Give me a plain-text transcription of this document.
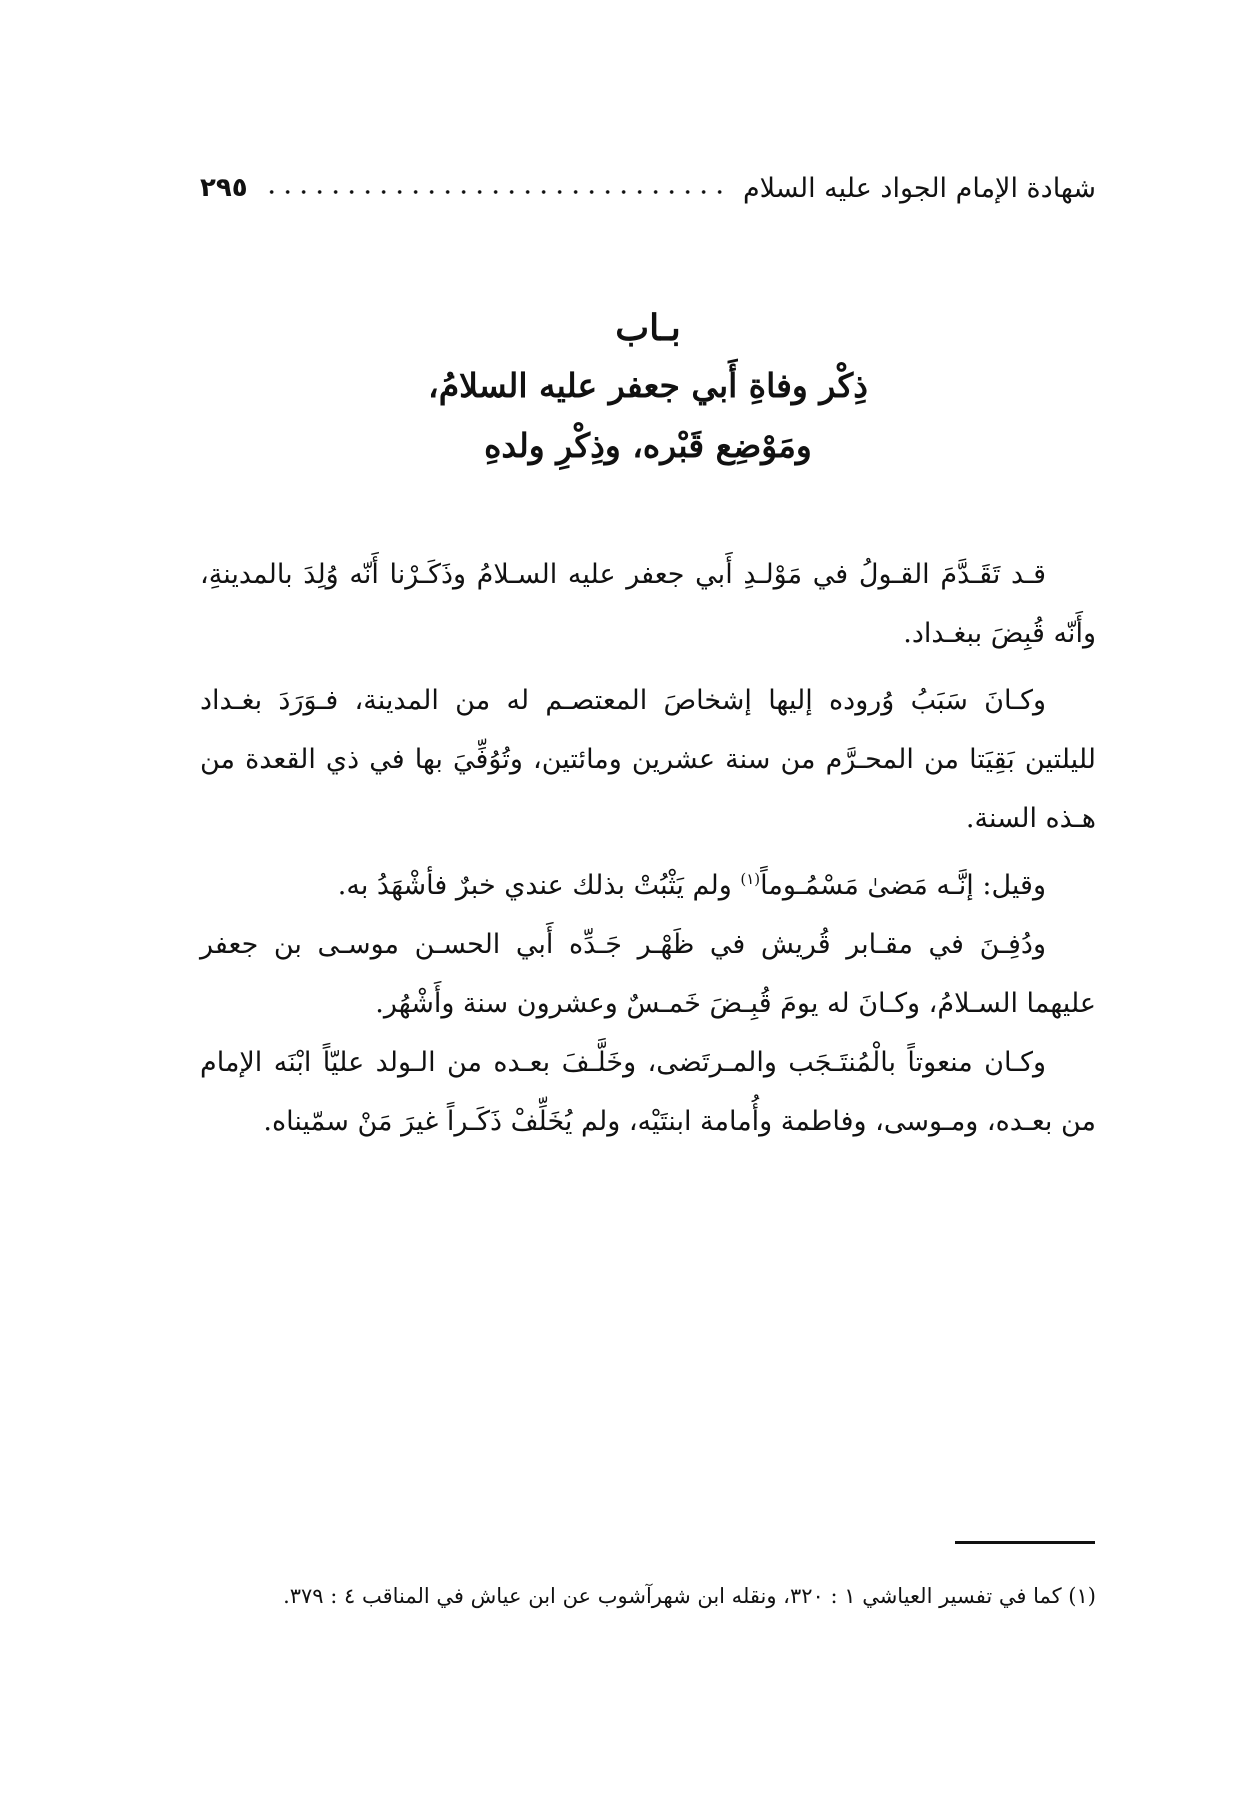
شهادة الإمام الجواد عليه السلام
٢٩٥
بـاب
ذِكْر وفاةِ أَبي جعفر عليه السلامُ،
ومَوْضِع قَبْره، وذِكْرِ ولدهِ

قـد تَقَـدَّمَ القـولُ في مَوْلـدِ أَبي جعفر عليه السـلامُ وذَكَـرْنا أَنّه وُلِدَ بالمدينةِ، وأَنّه قُبِضَ ببغـداد.

وكـانَ سَبَبُ وُروده إليها إشخاصَ المعتصـم له من المدينة، فـوَرَدَ بغـداد لليلتين بَقِيَتا من المحـرَّم من سنة عشرين ومائتين، وتُوُفِّيَ بها في ذي القعدة من هـذه السنة.

وقيل: إنَّـه مَضىٰ مَسْمُـوماً$^{(١)}$ ولم يَثْبُتْ بذلك عندي خبرٌ فأشْهَدُ به.

ودُفِـنَ في مقـابر قُريش في ظَهْـر جَـدِّه أَبي الحسـن موسـى بن جعفر عليهما السـلامُ، وكـانَ له يومَ قُبِـضَ خَمـسٌ وعشرون سنة وأَشْهُر.

وكـان منعوتاً بالْمُنتَـجَب والمـرتَضى، وخَلَّـفَ بعـده من الـولد عليّاً ابْنَه الإمام من بعـده، ومـوسى، وفاطمة وأُمامة ابنتَيْه، ولم يُخَلِّفْ ذَكَـراً غيرَ مَنْ سمّيناه.

(١) كما في تفسير العياشي ١ : ٣٢٠، ونقله ابن شهرآشوب عن ابن عياش في المناقب ٤ : ٣٧٩.
